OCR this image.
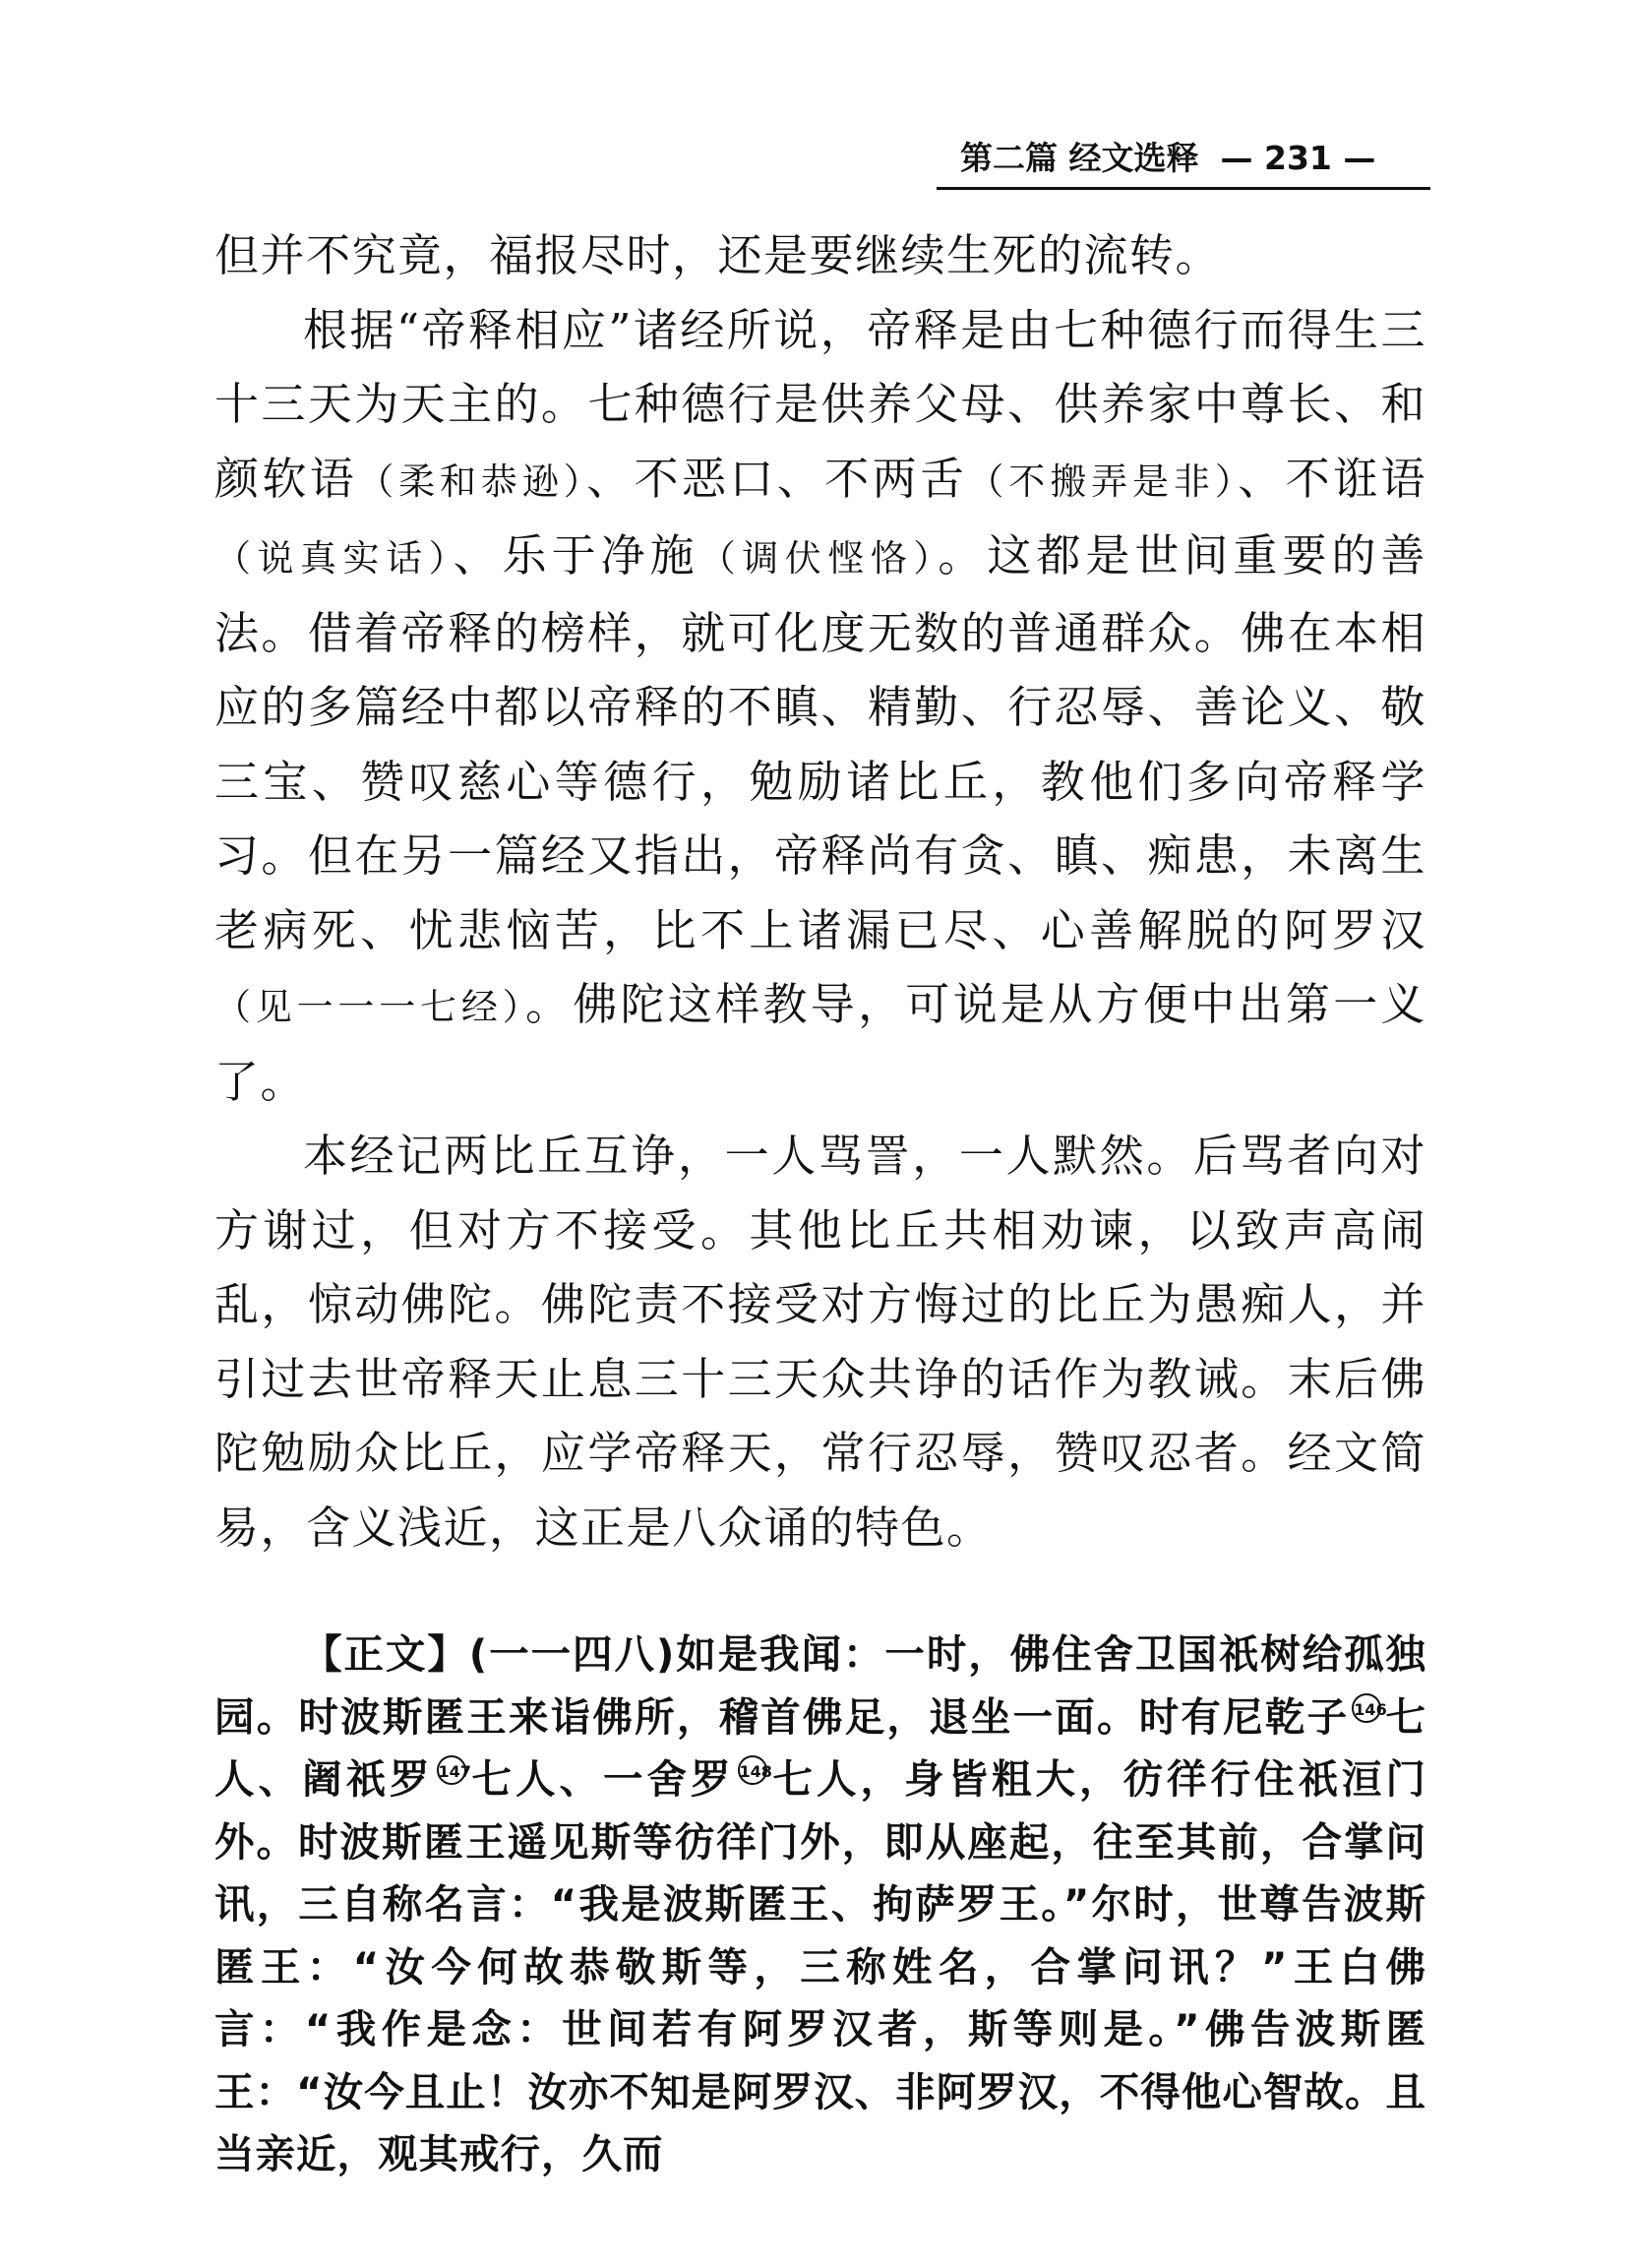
第二篇 经文选释 — 231 —

但并不究竟，福报尽时，还是要继续生死的流转。

根据“帝释相应”诸经所说，帝释是由七种德行而得生三十三天为天主的。七种德行是供养父母、供养家中尊长、和颜软语（柔和恭逊）、不恶口、不两舌（不搬弄是非）、不诳语（说真实话）、乐于净施（调伏悭恪）。这都是世间重要的善法。借着帝释的榜样，就可化度无数的普通群众。佛在本相应的多篇经中都以帝释的不瞋、精勤、行忍辱、善论义、敬三宝、赞叹慈心等德行，勉励诸比丘，教他们多向帝释学习。但在另一篇经又指出，帝释尚有贪、瞋、痴患，未离生老病死、忧悲恼苦，比不上诸漏已尽、心善解脱的阿罗汉（见一一一七经）。佛陀这样教导，可说是从方便中出第一义了。

本经记两比丘互诤，一人骂詈，一人默然。后骂者向对方谢过，但对方不接受。其他比丘共相劝谏，以致声高闹乱，惊动佛陀。佛陀责不接受对方悔过的比丘为愚痴人，并引过去世帝释天止息三十三天众共诤的话作为教诫。末后佛陀勉励众比丘，应学帝释天，常行忍辱，赞叹忍者。经文简易，含义浅近，这正是八众诵的特色。

【正文】(一一四八)如是我闻：一时，佛住舍卫国祇树给孤独园。时波斯匿王来诣佛所，稽首佛足，退坐一面。时有尼乾子 146七人、阇祇罗 147七人、一舍罗 148七人，身皆粗大，彷徉行住祇洹门外。时波斯匿王遥见斯等彷徉门外，即从座起，往至其前，合掌问讯，三自称名言：“我是波斯匿王、拘萨罗王。”尔时，世尊告波斯匿王：“汝今何故恭敬斯等，三称姓名，合掌问讯？”王白佛言：“我作是念：世间若有阿罗汉者，斯等则是。”佛告波斯匿王：“汝今且止！汝亦不知是阿罗汉、非阿罗汉，不得他心智故。且当亲近，观其戒行，久而
